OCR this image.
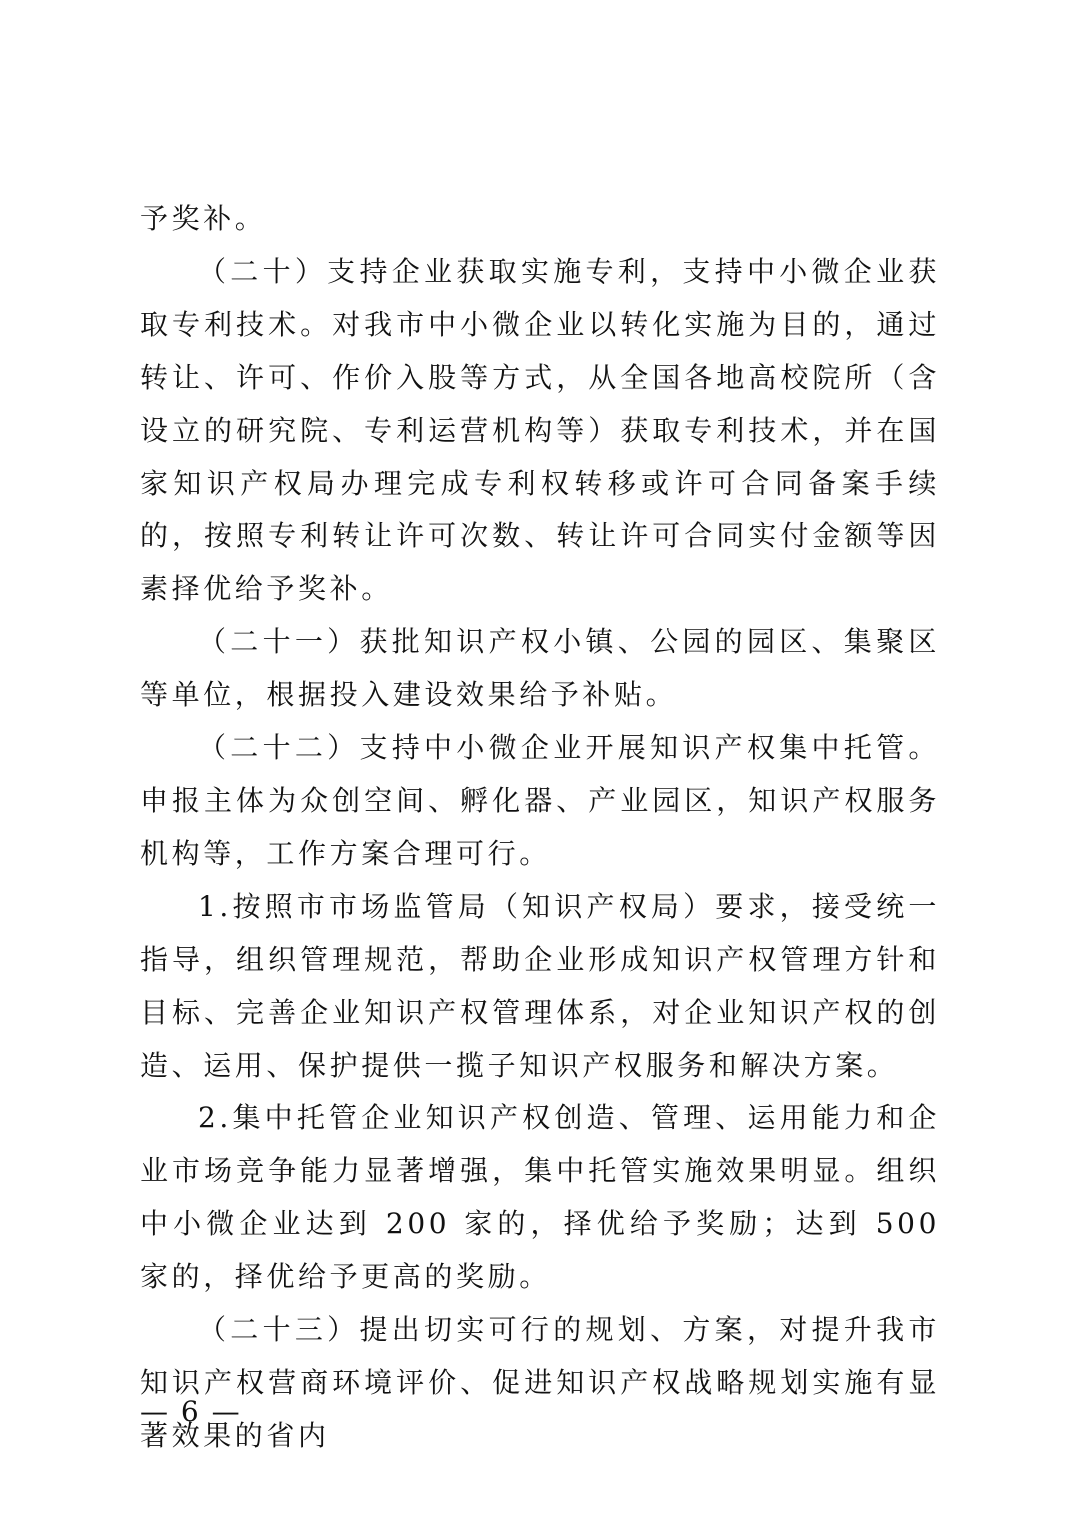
予奖补。

（二十）支持企业获取实施专利，支持中小微企业获取专利技术。对我市中小微企业以转化实施为目的，通过转让、许可、作价入股等方式，从全国各地高校院所（含设立的研究院、专利运营机构等）获取专利技术，并在国家知识产权局办理完成专利权转移或许可合同备案手续的，按照专利转让许可次数、转让许可合同实付金额等因素择优给予奖补。

（二十一）获批知识产权小镇、公园的园区、集聚区等单位，根据投入建设效果给予补贴。

（二十二）支持中小微企业开展知识产权集中托管。申报主体为众创空间、孵化器、产业园区，知识产权服务机构等，工作方案合理可行。

1.按照市市场监管局（知识产权局）要求，接受统一指导，组织管理规范，帮助企业形成知识产权管理方针和目标、完善企业知识产权管理体系，对企业知识产权的创造、运用、保护提供一揽子知识产权服务和解决方案。

2.集中托管企业知识产权创造、管理、运用能力和企业市场竞争能力显著增强，集中托管实施效果明显。组织中小微企业达到 200 家的，择优给予奖励；达到 500 家的，择优给予更高的奖励。

（二十三）提出切实可行的规划、方案，对提升我市知识产权营商环境评价、促进知识产权战略规划实施有显著效果的省内

— 6 —
